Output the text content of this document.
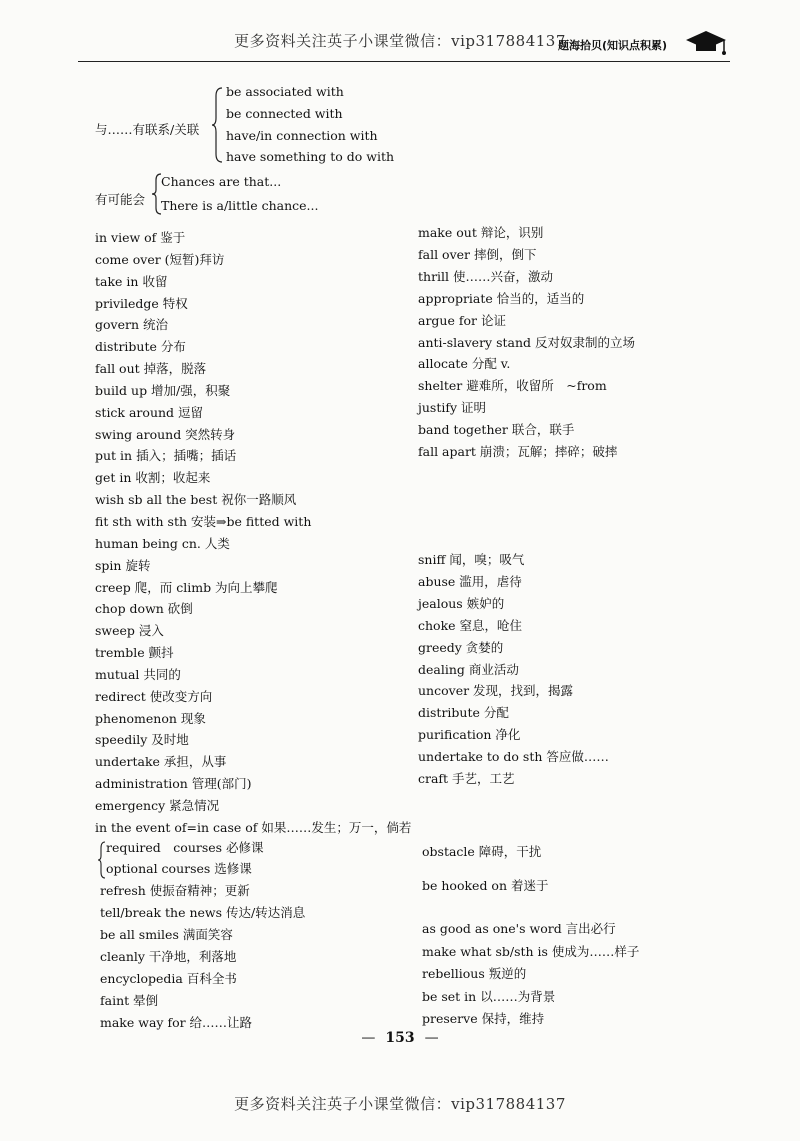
更多资料关注英子小课堂微信：vip317884137
题海拾贝(知识点积累)
与……有联系/关联
be associated with
be connected with
have/in connection with
have something to do with
有可能会
Chances are that...
There is a/little chance...
in view of 鉴于
come over (短暂)拜访
take in 收留
priviledge 特权
govern 统治
distribute 分布
fall out 掉落，脱落
build up 增加/强，积聚
stick around 逗留
swing around 突然转身
put in 插入；插嘴；插话
get in 收割；收起来
wish sb all the best 祝你一路顺风
fit sth with sth 安装⇒be fitted with
human being cn. 人类
spin 旋转
creep 爬，而 climb 为向上攀爬
chop down 砍倒
sweep 浸入
tremble 颤抖
mutual 共同的
redirect 使改变方向
phenomenon 现象
speedily 及时地
undertake 承担，从事
administration 管理(部门)
emergency 紧急情况
in the event of=in case of 如果……发生；万一，倘若
required　courses 必修课
optional courses 选修课
refresh 使振奋精神；更新
tell/break the news 传达/转达消息
be all smiles 满面笑容
cleanly 干净地，利落地
encyclopedia 百科全书
faint 晕倒
make way for 给……让路
make out 辩论，识别
fall over 摔倒，倒下
thrill 使……兴奋，激动
appropriate 恰当的，适当的
argue for 论证
anti-slavery stand 反对奴隶制的立场
allocate 分配 v.
shelter 避难所，收留所　~from
justify 证明
band together 联合，联手
fall apart 崩溃；瓦解；摔碎；破摔
sniff 闻，嗅；吸气
abuse 滥用，虐待
jealous 嫉妒的
choke 窒息，呛住
greedy 贪婪的
dealing 商业活动
uncover 发现，找到，揭露
distribute 分配
purification 净化
undertake to do sth 答应做……
craft 手艺，工艺
obstacle 障碍，干扰
be hooked on 着迷于
as good as one's word 言出必行
make what sb/sth is 使成为……样子
rebellious 叛逆的
be set in 以……为背景
preserve 保持，维持
— 153 —
更多资料关注英子小课堂微信：vip317884137
